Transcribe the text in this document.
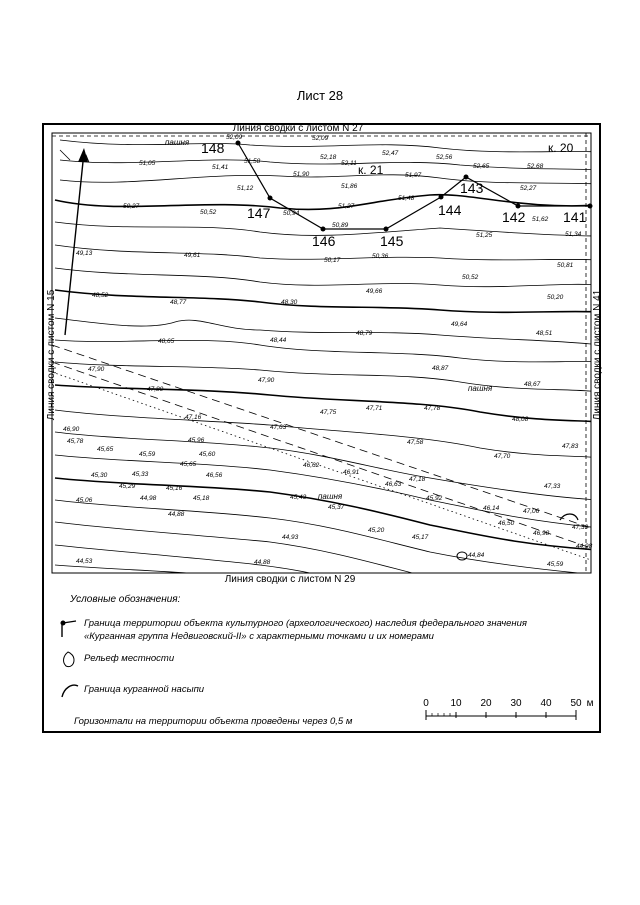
Лист 28
Линия сводки с листом N 27
Линия сводки с листом N 29
Линия сводки с листом N 15	Линия сводки с листом N 41
А
148
147
146	145
144
143
142	141
к. 20
к. 21
пашня
пашня
пашня
52,09	52,09
51,58
51,41
51,05
51,12
50,94
50,52
50,27
52,18
52,11
51,90
51,86
51,27
50,89
52,47
51,97
51,48
52,56
52,65	52,68
52,27
51,62
51,34
51,25
50,36
50,17
49,13	49,61
48,52
48,77	48,30
49,66
50,52
50,81
50,20
48,65	48,44
48,79
49,64
48,51
47,90
47,80
47,90
48,87
48,67
47,16
47,75
47,71	47,78
47,58
48,08
47,63
45,96
46,90
47,83
47,70
45,78
45,65
45,59	45,60
45,65
46,56
46,62
46,91
46,63	47,33
45,30	45,33
45,29	45,16
45,18	45,43
45,37
45,92
47,18
47,06
45,06	44,98
44,88
44,93
45,20
45,17
46,50
46,14
46,98
47,39
44,53
44,98
44,84
44,88	45,59
0 10 20 30 40 50 м
Условные обозначения:
Граница территории объекта культурного (археологического) наследия федерального значения
«Курганная группа Недвиговский-II» с характерными точками и их номерами
Рельеф местности
Граница курганной насыпи
Горизонтали на территории объекта проведены через 0,5 м
